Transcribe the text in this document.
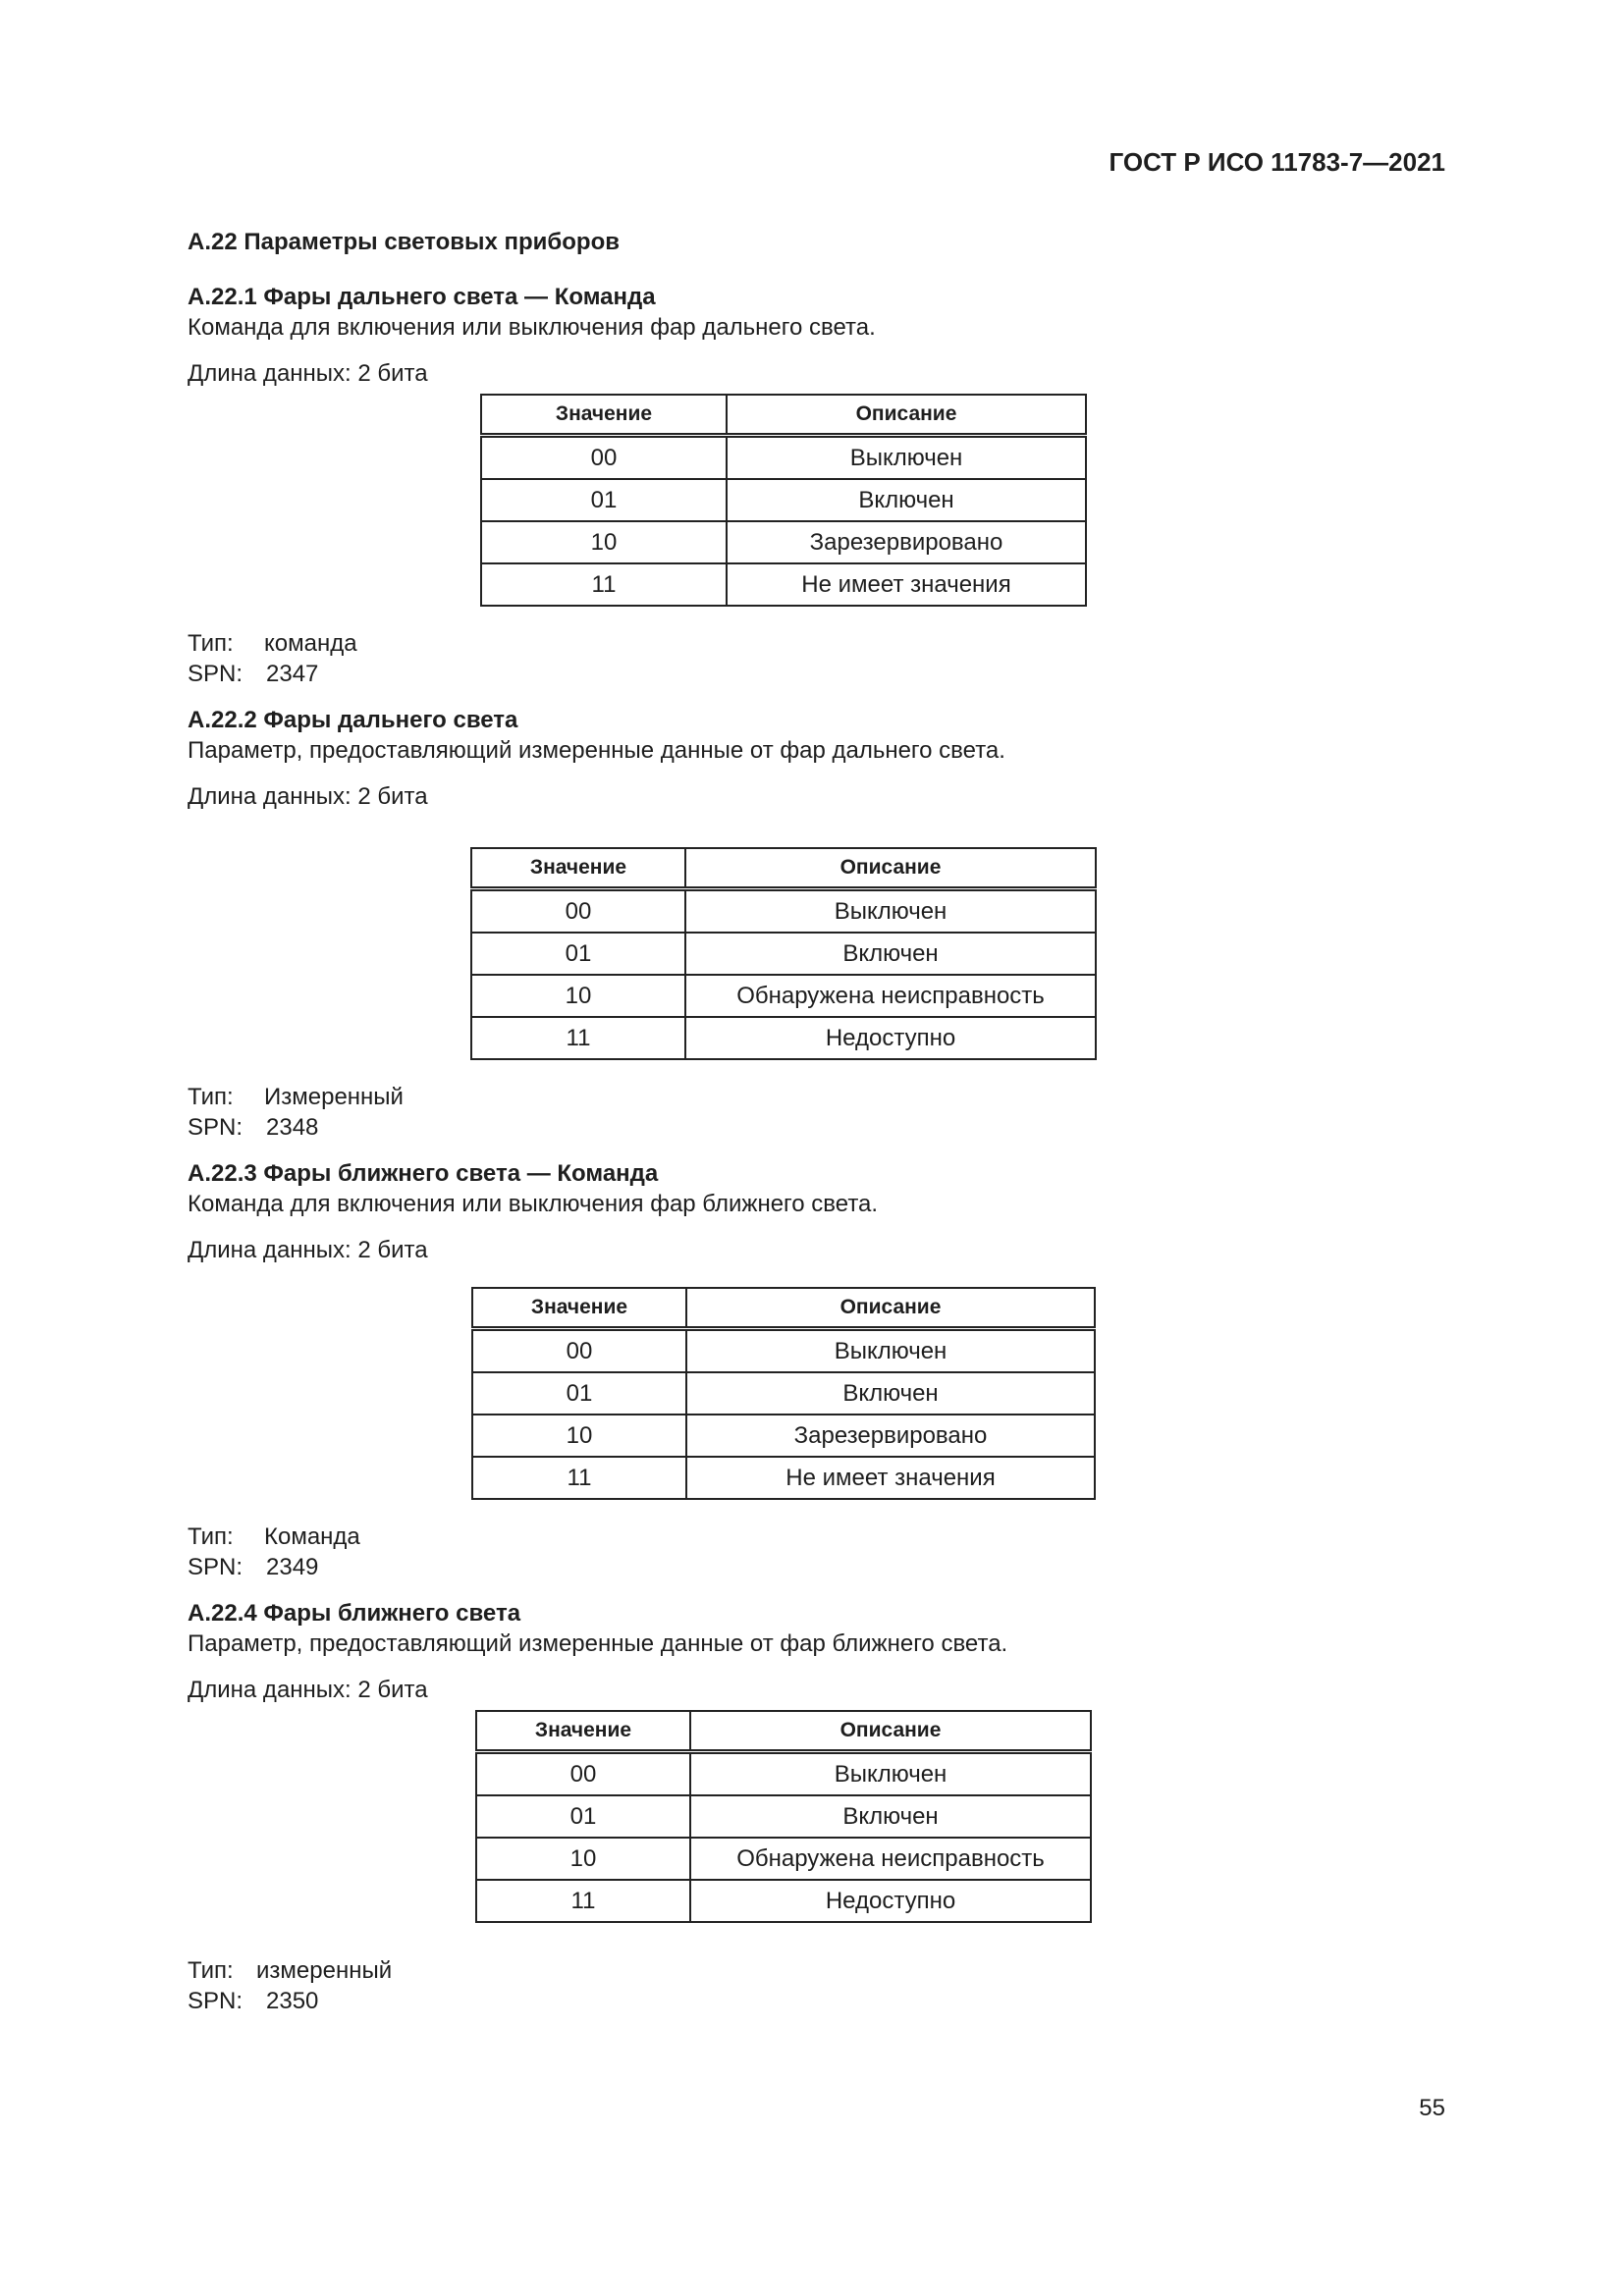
ГОСТ Р ИСО 11783-7—2021
А.22 Параметры световых приборов
А.22.1 Фары дальнего света — Команда
Команда для включения или выключения фар дальнего света.
Длина данных: 2 бита
Значение	Описание
00	Выключен
01	Включен
10	Зарезервировано
11	Не имеет значения
Тип: команда
SPN: 2347
А.22.2 Фары дальнего света
Параметр, предоставляющий измеренные данные от фар дальнего света.
Длина данных: 2 бита
Значение	Описание
00	Выключен
01	Включен
10	Обнаружена неисправность
11	Недоступно
Тип: Измеренный
SPN: 2348
А.22.3 Фары ближнего света — Команда
Команда для включения или выключения фар ближнего света.
Длина данных: 2 бита
Значение	Описание
00	Выключен
01	Включен
10	Зарезервировано
11	Не имеет значения
Тип: Команда
SPN: 2349
А.22.4 Фары ближнего света
Параметр, предоставляющий измеренные данные от фар ближнего света.
Длина данных: 2 бита
Значение	Описание
00	Выключен
01	Включен
10	Обнаружена неисправность
11	Недоступно
Тип: измеренный
SPN: 2350
55
